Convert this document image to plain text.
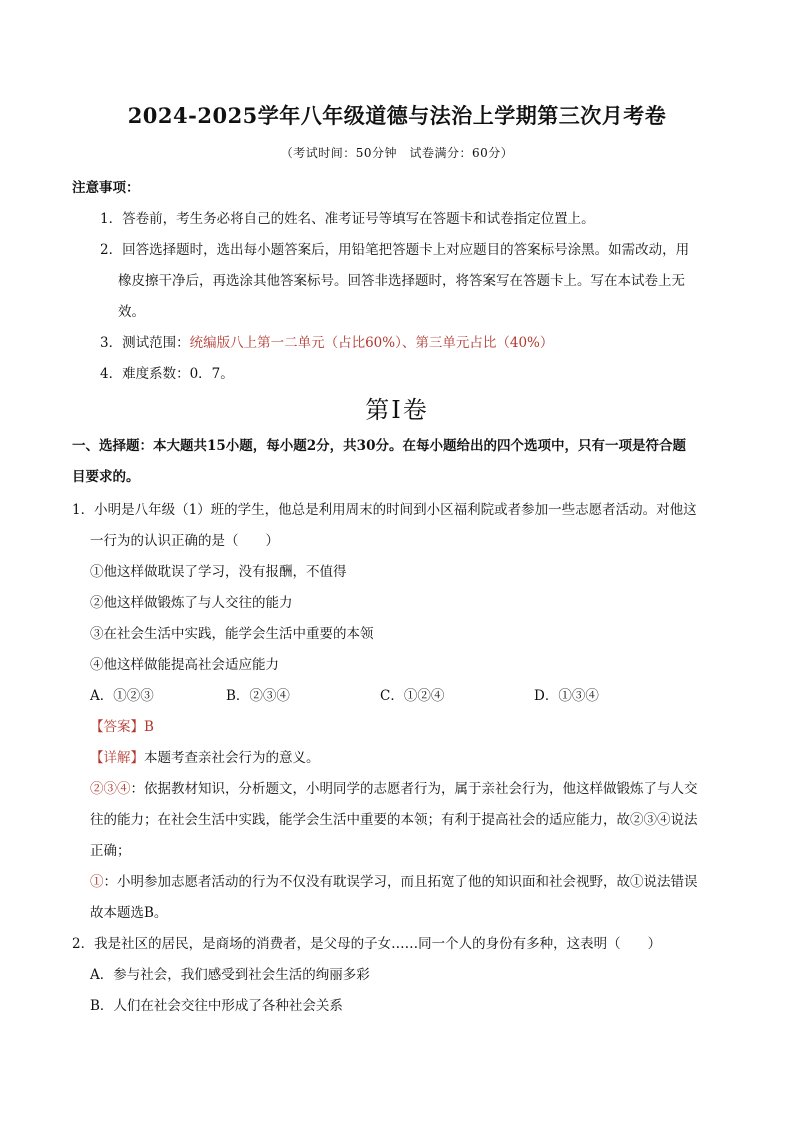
2024-2025学年八年级道德与法治上学期第三次月考卷
（考试时间：50分钟　试卷满分：60分）
注意事项：
1．答卷前，考生务必将自己的姓名、准考证号等填写在答题卡和试卷指定位置上。
2．回答选择题时，选出每小题答案后，用铅笔把答题卡上对应题目的答案标号涂黑。如需改动，用
橡皮擦干净后，再选涂其他答案标号。回答非选择题时，将答案写在答题卡上。写在本试卷上无
效。
3．测试范围：统编版八上第一二单元（占比60%）、第三单元占比（40%）
4．难度系数：0．7。
第Ⅰ卷
一、选择题：本大题共15小题，每小题2分，共30分。在每小题给出的四个选项中，只有一项是符合题
目要求的。
1．小明是八年级（1）班的学生，他总是利用周末的时间到小区福利院或者参加一些志愿者活动。对他这
一行为的认识正确的是（　　）
①他这样做耽误了学习，没有报酬，不值得
②他这样做锻炼了与人交往的能力
③在社会生活中实践，能学会生活中重要的本领
④他这样做能提高社会适应能力
A．①②③	B．②③④	C．①②④	D．①③④
【答案】B
【详解】本题考查亲社会行为的意义。
②③④：依据教材知识，分析题文，小明同学的志愿者行为，属于亲社会行为，他这样做锻炼了与人交
往的能力；在社会生活中实践，能学会生活中重要的本领；有利于提高社会的适应能力，故②③④说法
正确；
①：小明参加志愿者活动的行为不仅没有耽误学习，而且拓宽了他的知识面和社会视野，故①说法错误
故本题选B。
2．我是社区的居民，是商场的消费者，是父母的子女……同一个人的身份有多种，这表明（　　）
A．参与社会，我们感受到社会生活的绚丽多彩
B．人们在社会交往中形成了各种社会关系
